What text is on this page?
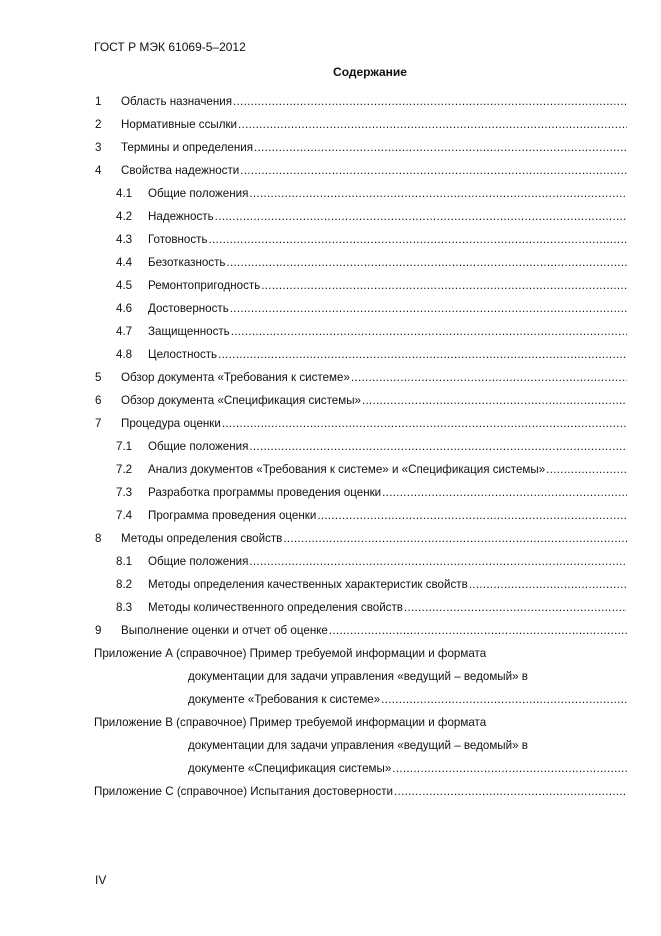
ГОСТ Р МЭК 61069-5–2012
Содержание
1 Область назначения
.....
2 Нормативные ссылки
.....
3 Термины и определения
.....
4 Свойства надежности
.....
4.1 Общие положения
.....
4.2 Надежность
.....
4.3 Готовность
.....
4.4 Безотказность
.....
4.5 Ремонтопригодность
.....
4.6 Достоверность
.....
4.7 Защищенность
.....
4.8 Целостность
.....
5 Обзор документа «Требования к системе»
.....
6 Обзор документа «Спецификация системы»
.....
7 Процедура оценки
.....
7.1 Общие положения
.....
7.2 Анализ документов «Требования к системе» и «Спецификация системы»
.....
7.3 Разработка программы проведения оценки
.....
7.4 Программа проведения оценки
.....
8 Методы определения свойств
.....
8.1 Общие положения
.....
8.2 Методы определения качественных характеристик свойств
.....
8.3 Методы количественного определения свойств
.....
9 Выполнение оценки и отчет об оценке
.....
Приложение А (справочное) Пример требуемой информации и формата
документации для задачи управления «ведущий – ведомый» в
документе «Требования к системе»
.....
Приложение В (справочное) Пример требуемой информации и формата
документации для задачи управления «ведущий – ведомый» в
документе «Спецификация системы»
.....
Приложение С (справочное) Испытания достоверности
.....
IV
